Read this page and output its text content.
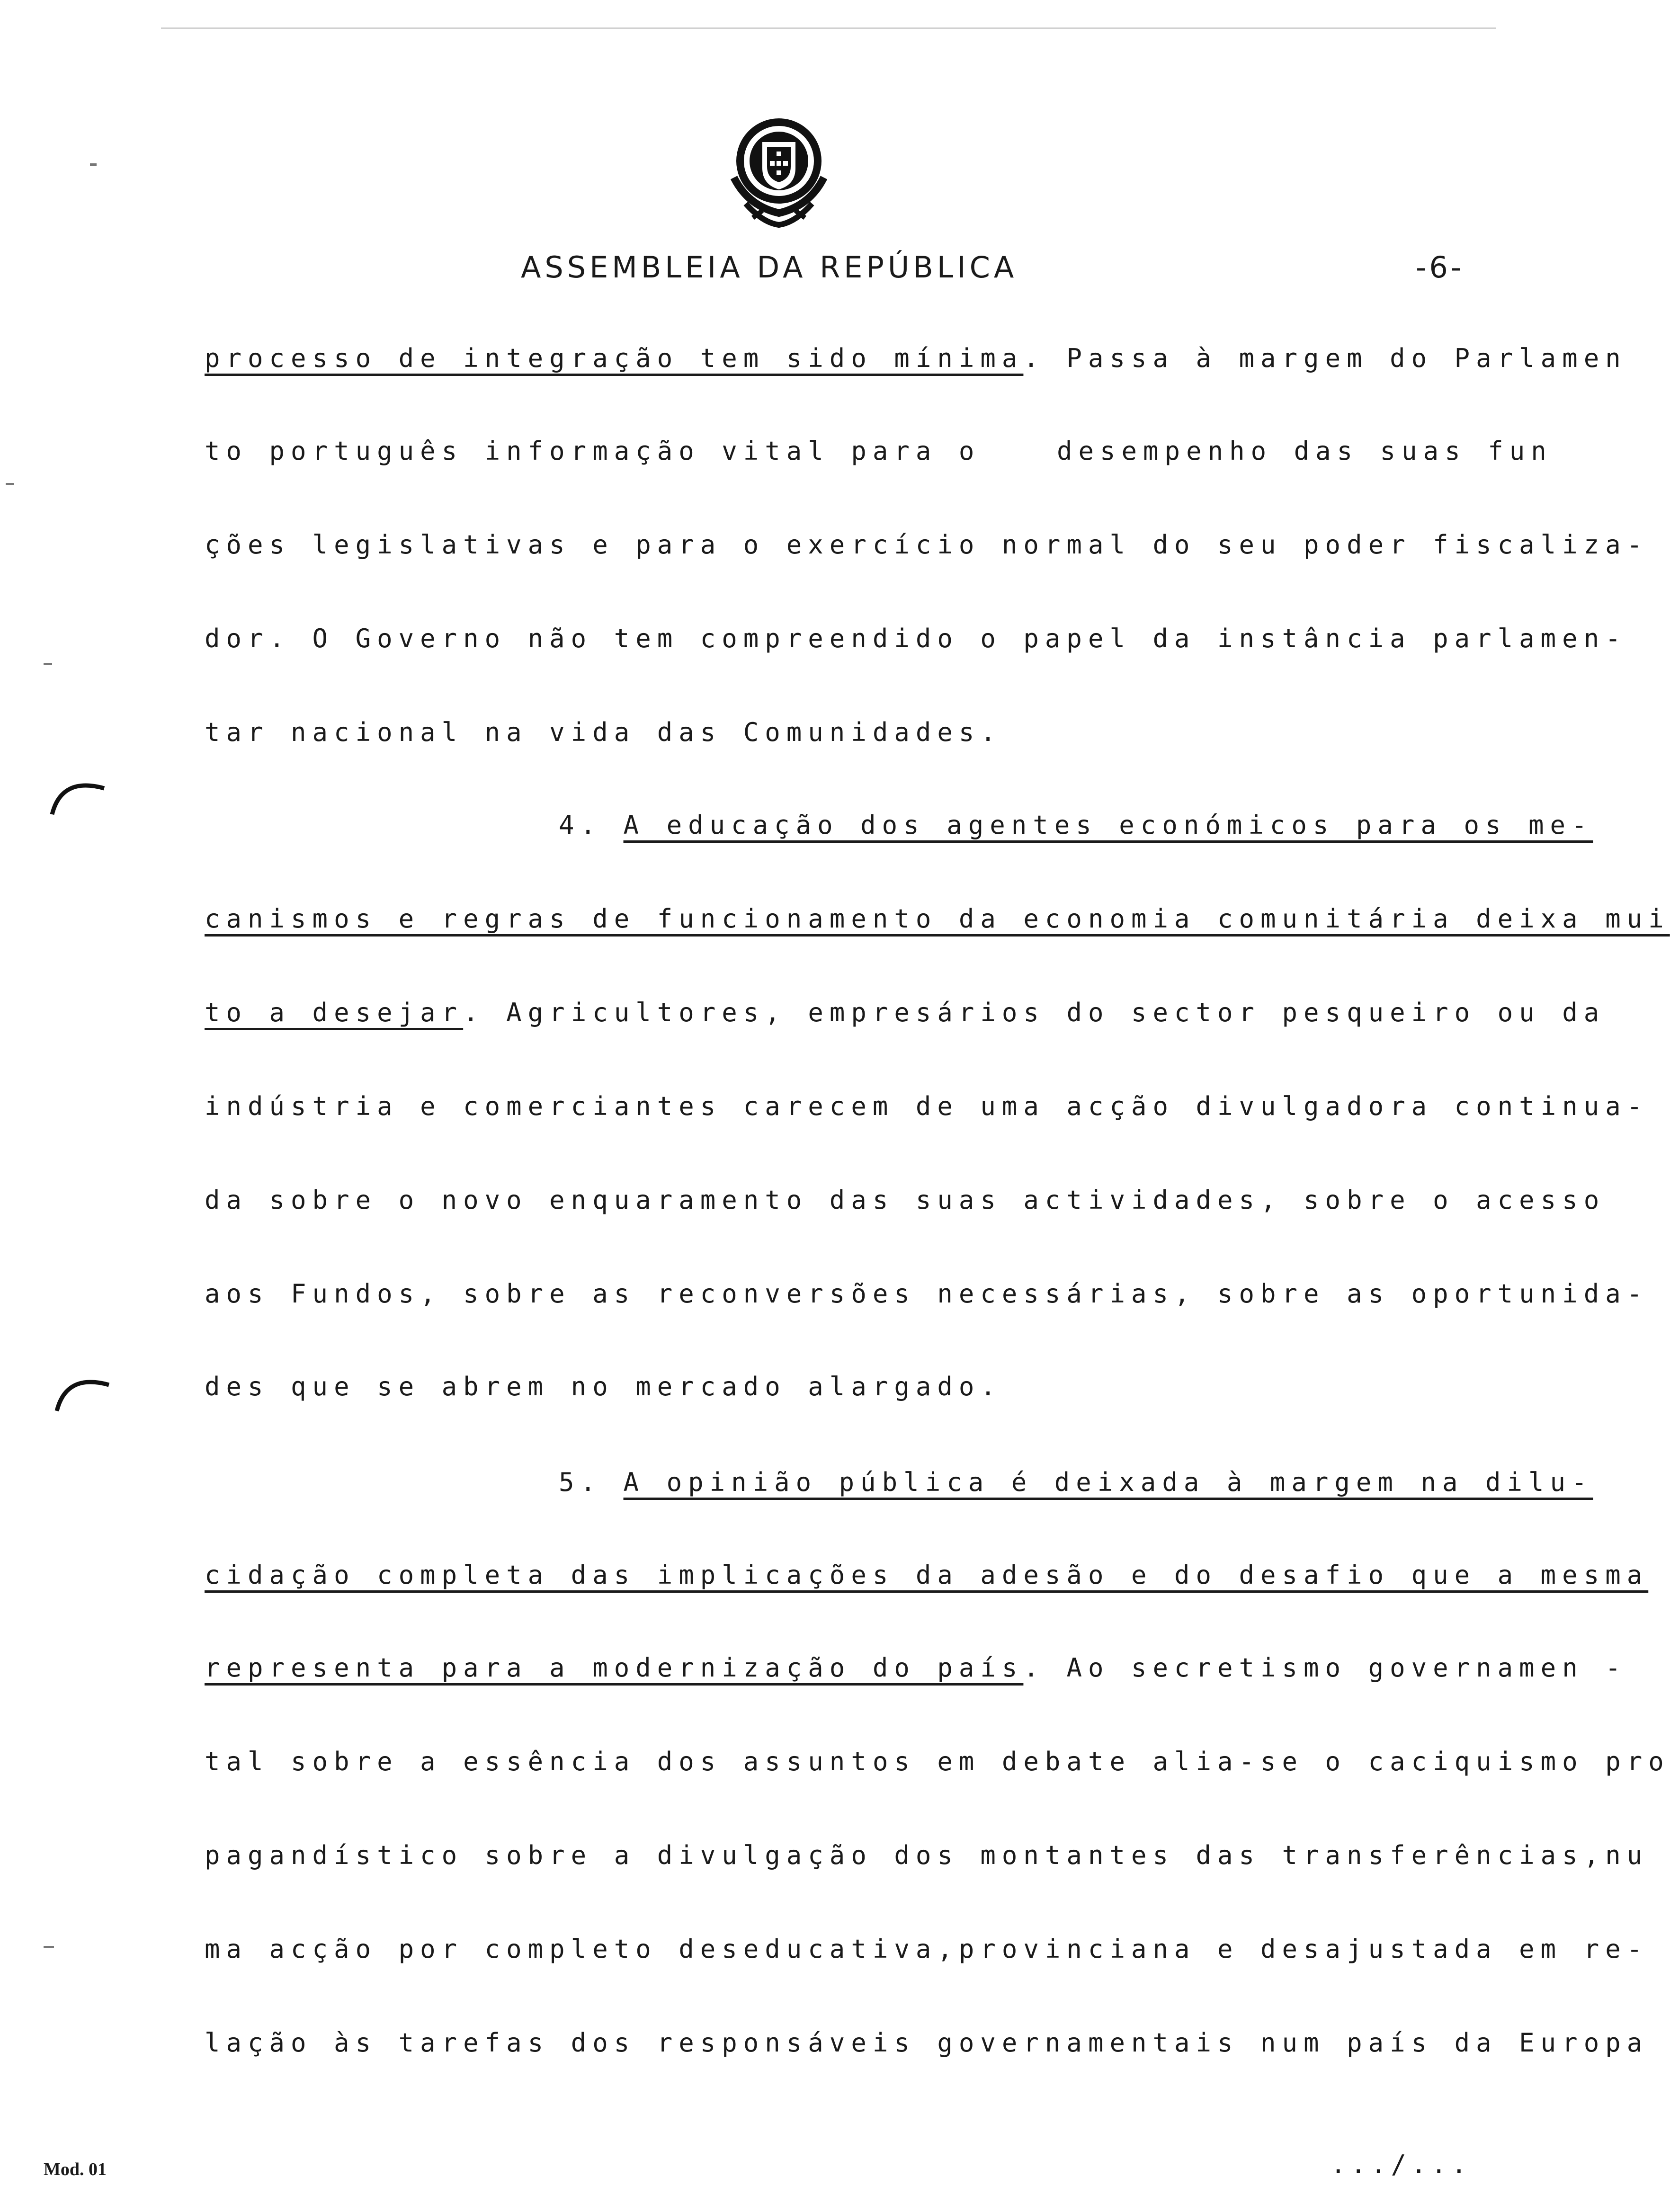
ASSEMBLEIA DA REPÚBLICA	-6-
processo de integração tem sido mínima. Passa à margem do Parlamen
to português informação vital para o	desempenho das suas fun
ções legislativas e para o exercício normal do seu poder fiscaliza-
dor. O Governo não tem compreendido o papel da instância parlamen-
tar nacional na vida das Comunidades.
4. A educação dos agentes económicos para os me-
canismos e regras de funcionamento da economia comunitária deixa mui
to a desejar. Agricultores, empresários do sector pesqueiro ou da
indústria e comerciantes carecem de uma acção divulgadora continua-
da sobre o novo enquaramento das suas actividades, sobre o acesso
aos Fundos, sobre as reconversões necessárias, sobre as oportunida-
des que se abrem no mercado alargado.
5. A opinião pública é deixada à margem na dilu-
cidação completa das implicações da adesão e do desafio que a mesma
representa para a modernização do país. Ao secretismo governamen -
tal sobre a essência dos assuntos em debate alia-se o caciquismo pro
pagandístico sobre a divulgação dos montantes das transferências,nu
ma acção por completo deseducativa,provinciana e desajustada em re-
lação às tarefas dos responsáveis governamentais num país da Europa
Mod. 01	.../...
